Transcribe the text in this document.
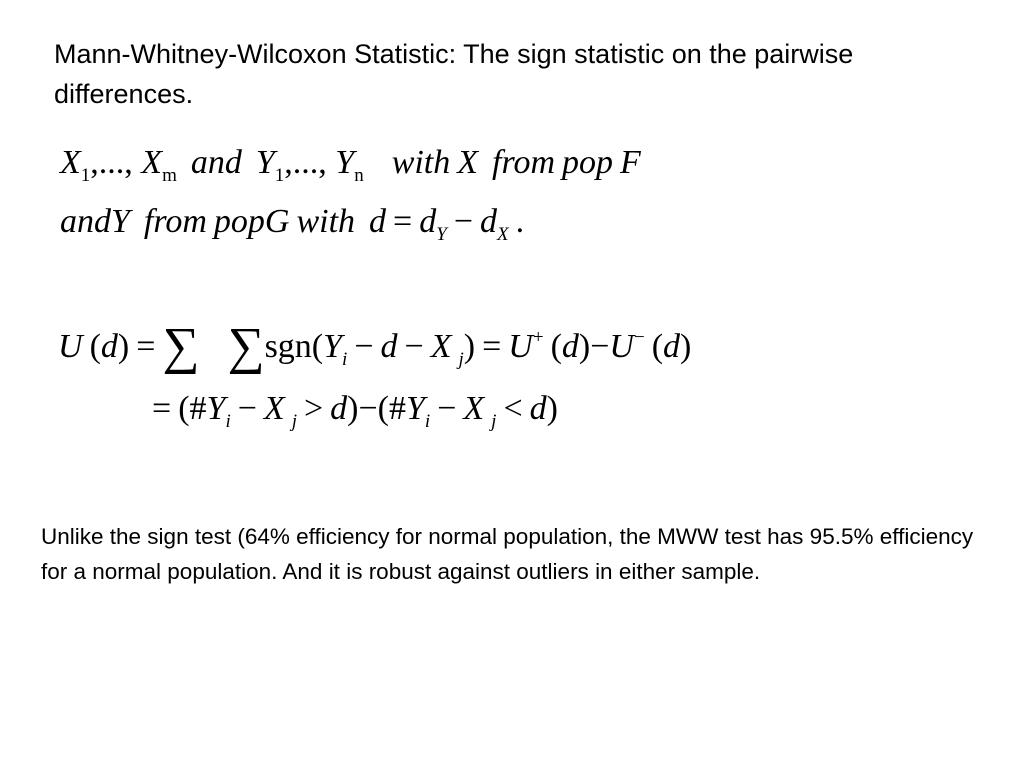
Mann-Whitney-Wilcoxon Statistic: The sign statistic on the pairwise differences.
$X_1$,..., $X_m$ and $Y_1$,..., $Y_n$ with X from pop F
andY from popG with $d = d_Y - d_X$ .
U (d) = ∑ $\sum sgn(Y_i - d - X$ $_j$) = U+ (d)−U− (d)
= ($\#Y_i - X$ $_j > d)-(\#Y_i - X$ $_j$ < d)

Unlike the sign test (64% efficiency for normal population, the MWW test has 95.5% efficiency for a normal population. And it is robust against outliers in either sample.
